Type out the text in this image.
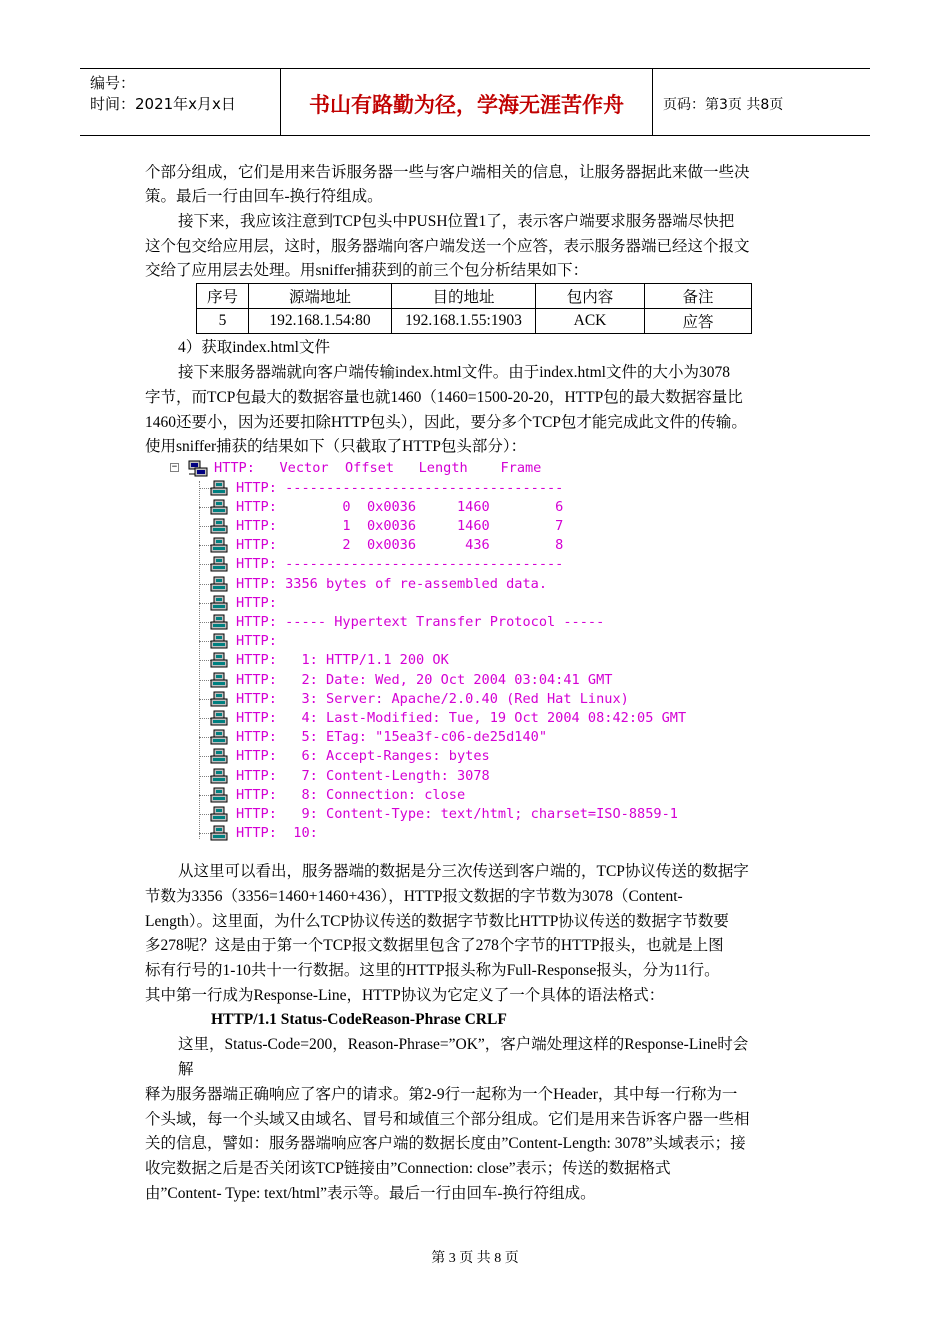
编号：
时间：2021年x月x日	书山有路勤为径，学海无涯苦作舟	页码：第3页 共8页
个部分组成，它们是用来告诉服务器一些与客户端相关的信息，让服务器据此来做一些决
策。最后一行由回车-换行符组成。
接下来，我应该注意到TCP包头中PUSH位置1了，表示客户端要求服务器端尽快把
这个包交给应用层，这时，服务器端向客户端发送一个应答，表示服务器端已经这个报文
交给了应用层去处理。用sniffer捕获到的前三个包分析结果如下：
序号	源端地址	目的地址	包内容	备注
5	192.168.1.54:80	192.168.1.55:1903	ACK	应答
4）获取index.html文件
接下来服务器端就向客户端传输index.html文件。由于index.html文件的大小为3078
字节，而TCP包最大的数据容量也就1460（1460=1500-20-20，HTTP包的最大数据容量比
1460还要小，因为还要扣除HTTP包头），因此，要分多个TCP包才能完成此文件的传输。
使用sniffer捕获的结果如下（只截取了HTTP包头部分）：

−

	HTTP:   Vector  Offset   Length    Frame

HTTP: ----------------------------------
HTTP:        0  0x0036     1460        6
HTTP:        1  0x0036     1460        7
HTTP:        2  0x0036      436        8
HTTP: ----------------------------------
HTTP: 3356 bytes of re-assembled data.
HTTP:
HTTP: ----- Hypertext Transfer Protocol -----
HTTP:
HTTP:   1: HTTP/1.1 200 OK
HTTP:   2: Date: Wed, 20 Oct 2004 03:04:41 GMT
HTTP:   3: Server: Apache/2.0.40 (Red Hat Linux)
HTTP:   4: Last-Modified: Tue, 19 Oct 2004 08:42:05 GMT
HTTP:   5: ETag: "15ea3f-c06-de25d140"
HTTP:   6: Accept-Ranges: bytes
HTTP:   7: Content-Length: 3078
HTTP:   8: Connection: close
HTTP:   9: Content-Type: text/html; charset=ISO-8859-1
HTTP:  10:
从这里可以看出，服务器端的数据是分三次传送到客户端的，TCP协议传送的数据字
节数为3356（3356=1460+1460+436），HTTP报文数据的字节数为3078（Content-
Length）。这里面，为什么TCP协议传送的数据字节数比HTTP协议传送的数据字节数要
多278呢？这是由于第一个TCP报文数据里包含了278个字节的HTTP报头，也就是上图
标有行号的1-10共十一行数据。这里的HTTP报头称为Full-Response报头，分为11行。
其中第一行成为Response-Line，HTTP协议为它定义了一个具体的语法格式：
HTTP/1.1 Status-CodeReason-Phrase CRLF
这里，Status-Code=200，Reason-Phrase=”OK”，客户端处理这样的Response-Line时会
解
释为服务器端正确响应了客户的请求。第2-9行一起称为一个Header，其中每一行称为一
个头域，每一个头域又由域名、冒号和域值三个部分组成。它们是用来告诉客户器一些相
关的信息，譬如：服务器端响应客户端的数据长度由”Content-Length: 3078”头域表示；接
收完数据之后是否关闭该TCP链接由”Connection: close”表示；传送的数据格式
由”Content- Type: text/html”表示等。最后一行由回车-换行符组成。
第 3 页 共 8 页
